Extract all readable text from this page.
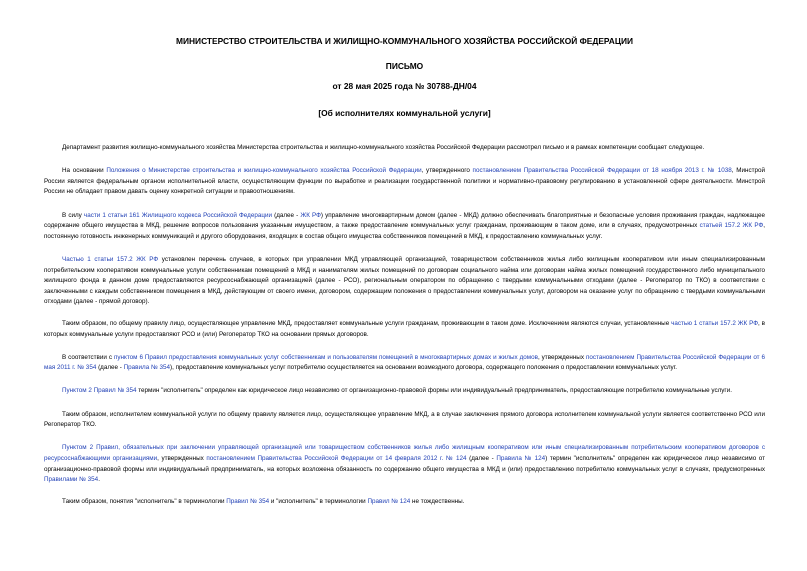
МИНИСТЕРСТВО СТРОИТЕЛЬСТВА И ЖИЛИЩНО-КОММУНАЛЬНОГО ХОЗЯЙСТВА РОССИЙСКОЙ ФЕДЕРАЦИИ
ПИСЬМО
от 28 мая 2025 года № 30788-ДН/04
[Об исполнителях коммунальной услуги]

Департамент развития жилищно-коммунального хозяйства Министерства строительства и жилищно-коммунального хозяйства Российской Федерации рассмотрел письмо и в рамках компетенции сообщает следующее.

На основании Положения о Министерстве строительства и жилищно-коммунального хозяйства Российской Федерации, утвержденного постановлением Правительства Российской Федерации от 18 ноября 2013 г. № 1038, Минстрой России является федеральным органом исполнительной власти, осуществляющим функции по выработке и реализации государственной политики и нормативно-правовому регулированию в установленной сфере деятельности. Минстрой России не обладает правом давать оценку конкретной ситуации и правоотношениям.

В силу части 1 статьи 161 Жилищного кодекса Российской Федерации (далее - ЖК РФ) управление многоквартирным домом (далее - МКД) должно обеспечивать благоприятные и безопасные условия проживания граждан, надлежащее содержание общего имущества в МКД, решение вопросов пользования указанным имуществом, а также предоставление коммунальных услуг гражданам, проживающим в таком доме, или в случаях, предусмотренных статьей 157.2 ЖК РФ, постоянную готовность инженерных коммуникаций и другого оборудования, входящих в состав общего имущества собственников помещений в МКД, к предоставлению коммунальных услуг.

Частью 1 статьи 157.2 ЖК РФ установлен перечень случаев, в которых при управлении МКД управляющей организацией, товариществом собственников жилья либо жилищным кооперативом или иным специализированным потребительским кооперативом коммунальные услуги собственникам помещений в МКД и нанимателям жилых помещений по договорам социального найма или договорам найма жилых помещений государственного либо муниципального жилищного фонда в данном доме предоставляются ресурсоснабжающей организацией (далее - РСО), региональным оператором по обращению с твердыми коммунальными отходами (далее - Регоператор по ТКО) в соответствии с заключенными с каждым собственником помещения в МКД, действующим от своего имени, договором, содержащим положения о предоставлении коммунальных услуг, договором на оказание услуг по обращению с твердыми коммунальными отходами (далее - прямой договор).

Таким образом, по общему правилу лицо, осуществляющее управление МКД, предоставляет коммунальные услуги гражданам, проживающим в таком доме. Исключением являются случаи, установленные частью 1 статьи 157.2 ЖК РФ, в которых коммунальные услуги предоставляют РСО и (или) Регоператор ТКО на основании прямых договоров.

В соответствии с пунктом 6 Правил предоставления коммунальных услуг собственникам и пользователям помещений в многоквартирных домах и жилых домов, утвержденных постановлением Правительства Российской Федерации от 6 мая 2011 г. № 354 (далее - Правила № 354), предоставление коммунальных услуг потребителю осуществляется на основании возмездного договора, содержащего положения о предоставлении коммунальных услуг.

Пунктом 2 Правил № 354 термин "исполнитель" определен как юридическое лицо независимо от организационно-правовой формы или индивидуальный предприниматель, предоставляющие потребителю коммунальные услуги.

Таким образом, исполнителем коммунальной услуги по общему правилу является лицо, осуществляющее управление МКД, а в случае заключения прямого договора исполнителем коммунальной услуги является соответственно РСО или Регоператор ТКО.

Пунктом 2 Правил, обязательных при заключении управляющей организацией или товариществом собственников жилья либо жилищным кооперативом или иным специализированным потребительским кооперативом договоров с ресурсоснабжающими организациями, утвержденных постановлением Правительства Российской Федерации от 14 февраля 2012 г. № 124 (далее - Правила № 124) термин "исполнитель" определен как юридическое лицо независимо от организационно-правовой формы или индивидуальный предприниматель, на которых возложена обязанность по содержанию общего имущества в МКД и (или) предоставлению потребителю коммунальных услуг в случаях, предусмотренных Правилами № 354.

Таким образом, понятия "исполнитель" в терминологии Правил № 354 и "исполнитель" в терминологии Правил № 124 не тождественны.
